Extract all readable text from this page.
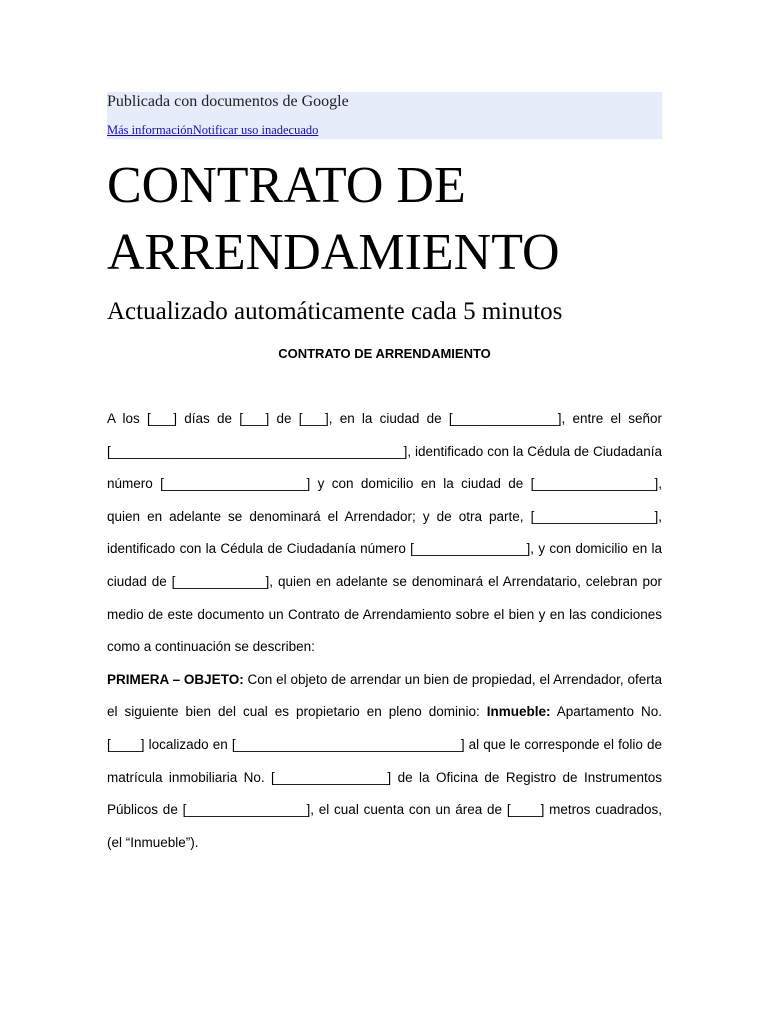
Publicada con documentos de Google
Más informaciónNotificar uso inadecuado
CONTRATO DE
ARRENDAMIENTO
Actualizado automáticamente cada 5 minutos
CONTRATO DE ARRENDAMIENTO

A los [___] días de [___] de [___], en la ciudad de [______________], entre el señor [_______________________________________], identificado con la Cédula de Ciudadanía número [___________________] y con domicilio en la ciudad de [________________], quien en adelante se denominará el Arrendador; y de otra parte, [________________], identificado con la Cédula de Ciudadanía número [_______________], y con domicilio en la ciudad de [____________], quien en adelante se denominará el Arrendatario, celebran por medio de este documento un Contrato de Arrendamiento sobre el bien y en las condiciones como a continuación se describen:

PRIMERA – OBJETO: Con el objeto de arrendar un bien de propiedad, el Arrendador, oferta el siguiente bien del cual es propietario en pleno dominio: Inmueble: Apartamento No. [____] localizado en [______________________________] al que le corresponde el folio de matrícula inmobiliaria No. [_______________] de la Oficina de Registro de Instrumentos Públicos de [________________], el cual cuenta con un área de [____] metros cuadrados, (el “Inmueble”).
